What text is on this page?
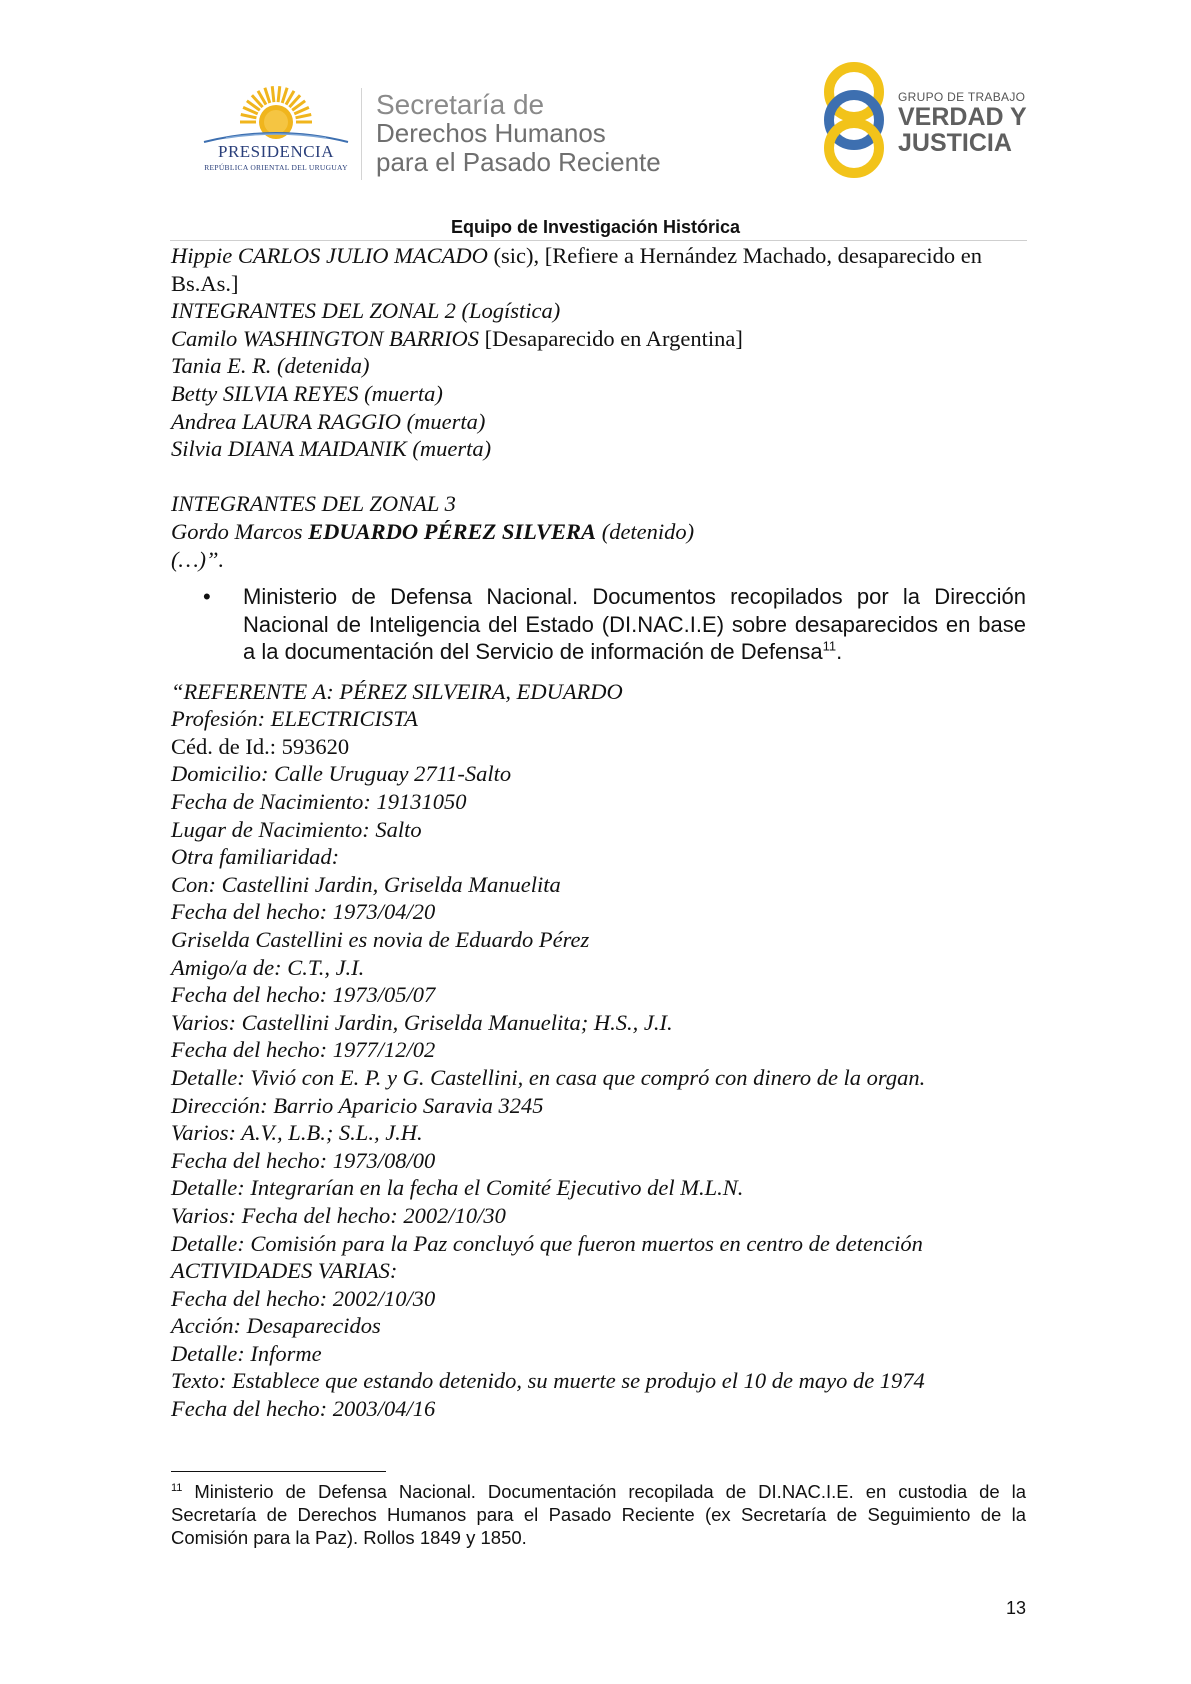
PRESIDENCIA
REPÚBLICA ORIENTAL DEL URUGUAY
Secretaría de
Derechos Humanos
para el Pasado Reciente
GRUPO DE TRABAJO
VERDAD Y
JUSTICIA
Equipo de Investigación Histórica
Hippie CARLOS JULIO MACADO (sic), [Refiere a Hernández Machado, desaparecido en Bs.As.]
INTEGRANTES DEL ZONAL 2 (Logística)
Camilo WASHINGTON BARRIOS [Desaparecido en Argentina]
Tania E. R. (detenida)
Betty SILVIA REYES (muerta)
Andrea LAURA RAGGIO (muerta)
Silvia DIANA MAIDANIK (muerta)
INTEGRANTES DEL ZONAL 3
Gordo Marcos EDUARDO PÉREZ SILVERA (detenido)
(…)”.
• Ministerio de Defensa Nacional. Documentos recopilados por la Dirección Nacional de Inteligencia del Estado (DI.NAC.I.E) sobre desaparecidos en base a la documentación del Servicio de información de Defensa$^{11}$.
“REFERENTE A: PÉREZ SILVEIRA, EDUARDO
Profesión: ELECTRICISTA
Céd. de Id.: 593620
Domicilio: Calle Uruguay 2711-Salto
Fecha de Nacimiento: 19131050
Lugar de Nacimiento: Salto
Otra familiaridad:
Con: Castellini Jardin, Griselda Manuelita
Fecha del hecho: 1973/04/20
Griselda Castellini es novia de Eduardo Pérez
Amigo/a de: C.T., J.I.
Fecha del hecho: 1973/05/07
Varios: Castellini Jardin, Griselda Manuelita; H.S., J.I.
Fecha del hecho: 1977/12/02
Detalle: Vivió con E. P. y G. Castellini, en casa que compró con dinero de la organ.
Dirección: Barrio Aparicio Saravia 3245
Varios: A.V., L.B.; S.L., J.H.
Fecha del hecho: 1973/08/00
Detalle: Integrarían en la fecha el Comité Ejecutivo del M.L.N.
Varios: Fecha del hecho: 2002/10/30
Detalle: Comisión para la Paz concluyó que fueron muertos en centro de detención
ACTIVIDADES VARIAS:
Fecha del hecho: 2002/10/30
Acción: Desaparecidos
Detalle: Informe
Texto: Establece que estando detenido, su muerte se produjo el 10 de mayo de 1974
Fecha del hecho: 2003/04/16
$^{11}$ Ministerio de Defensa Nacional. Documentación recopilada de DI.NAC.I.E. en custodia de la Secretaría de Derechos Humanos para el Pasado Reciente (ex Secretaría de Seguimiento de la Comisión para la Paz). Rollos 1849 y 1850.
13
